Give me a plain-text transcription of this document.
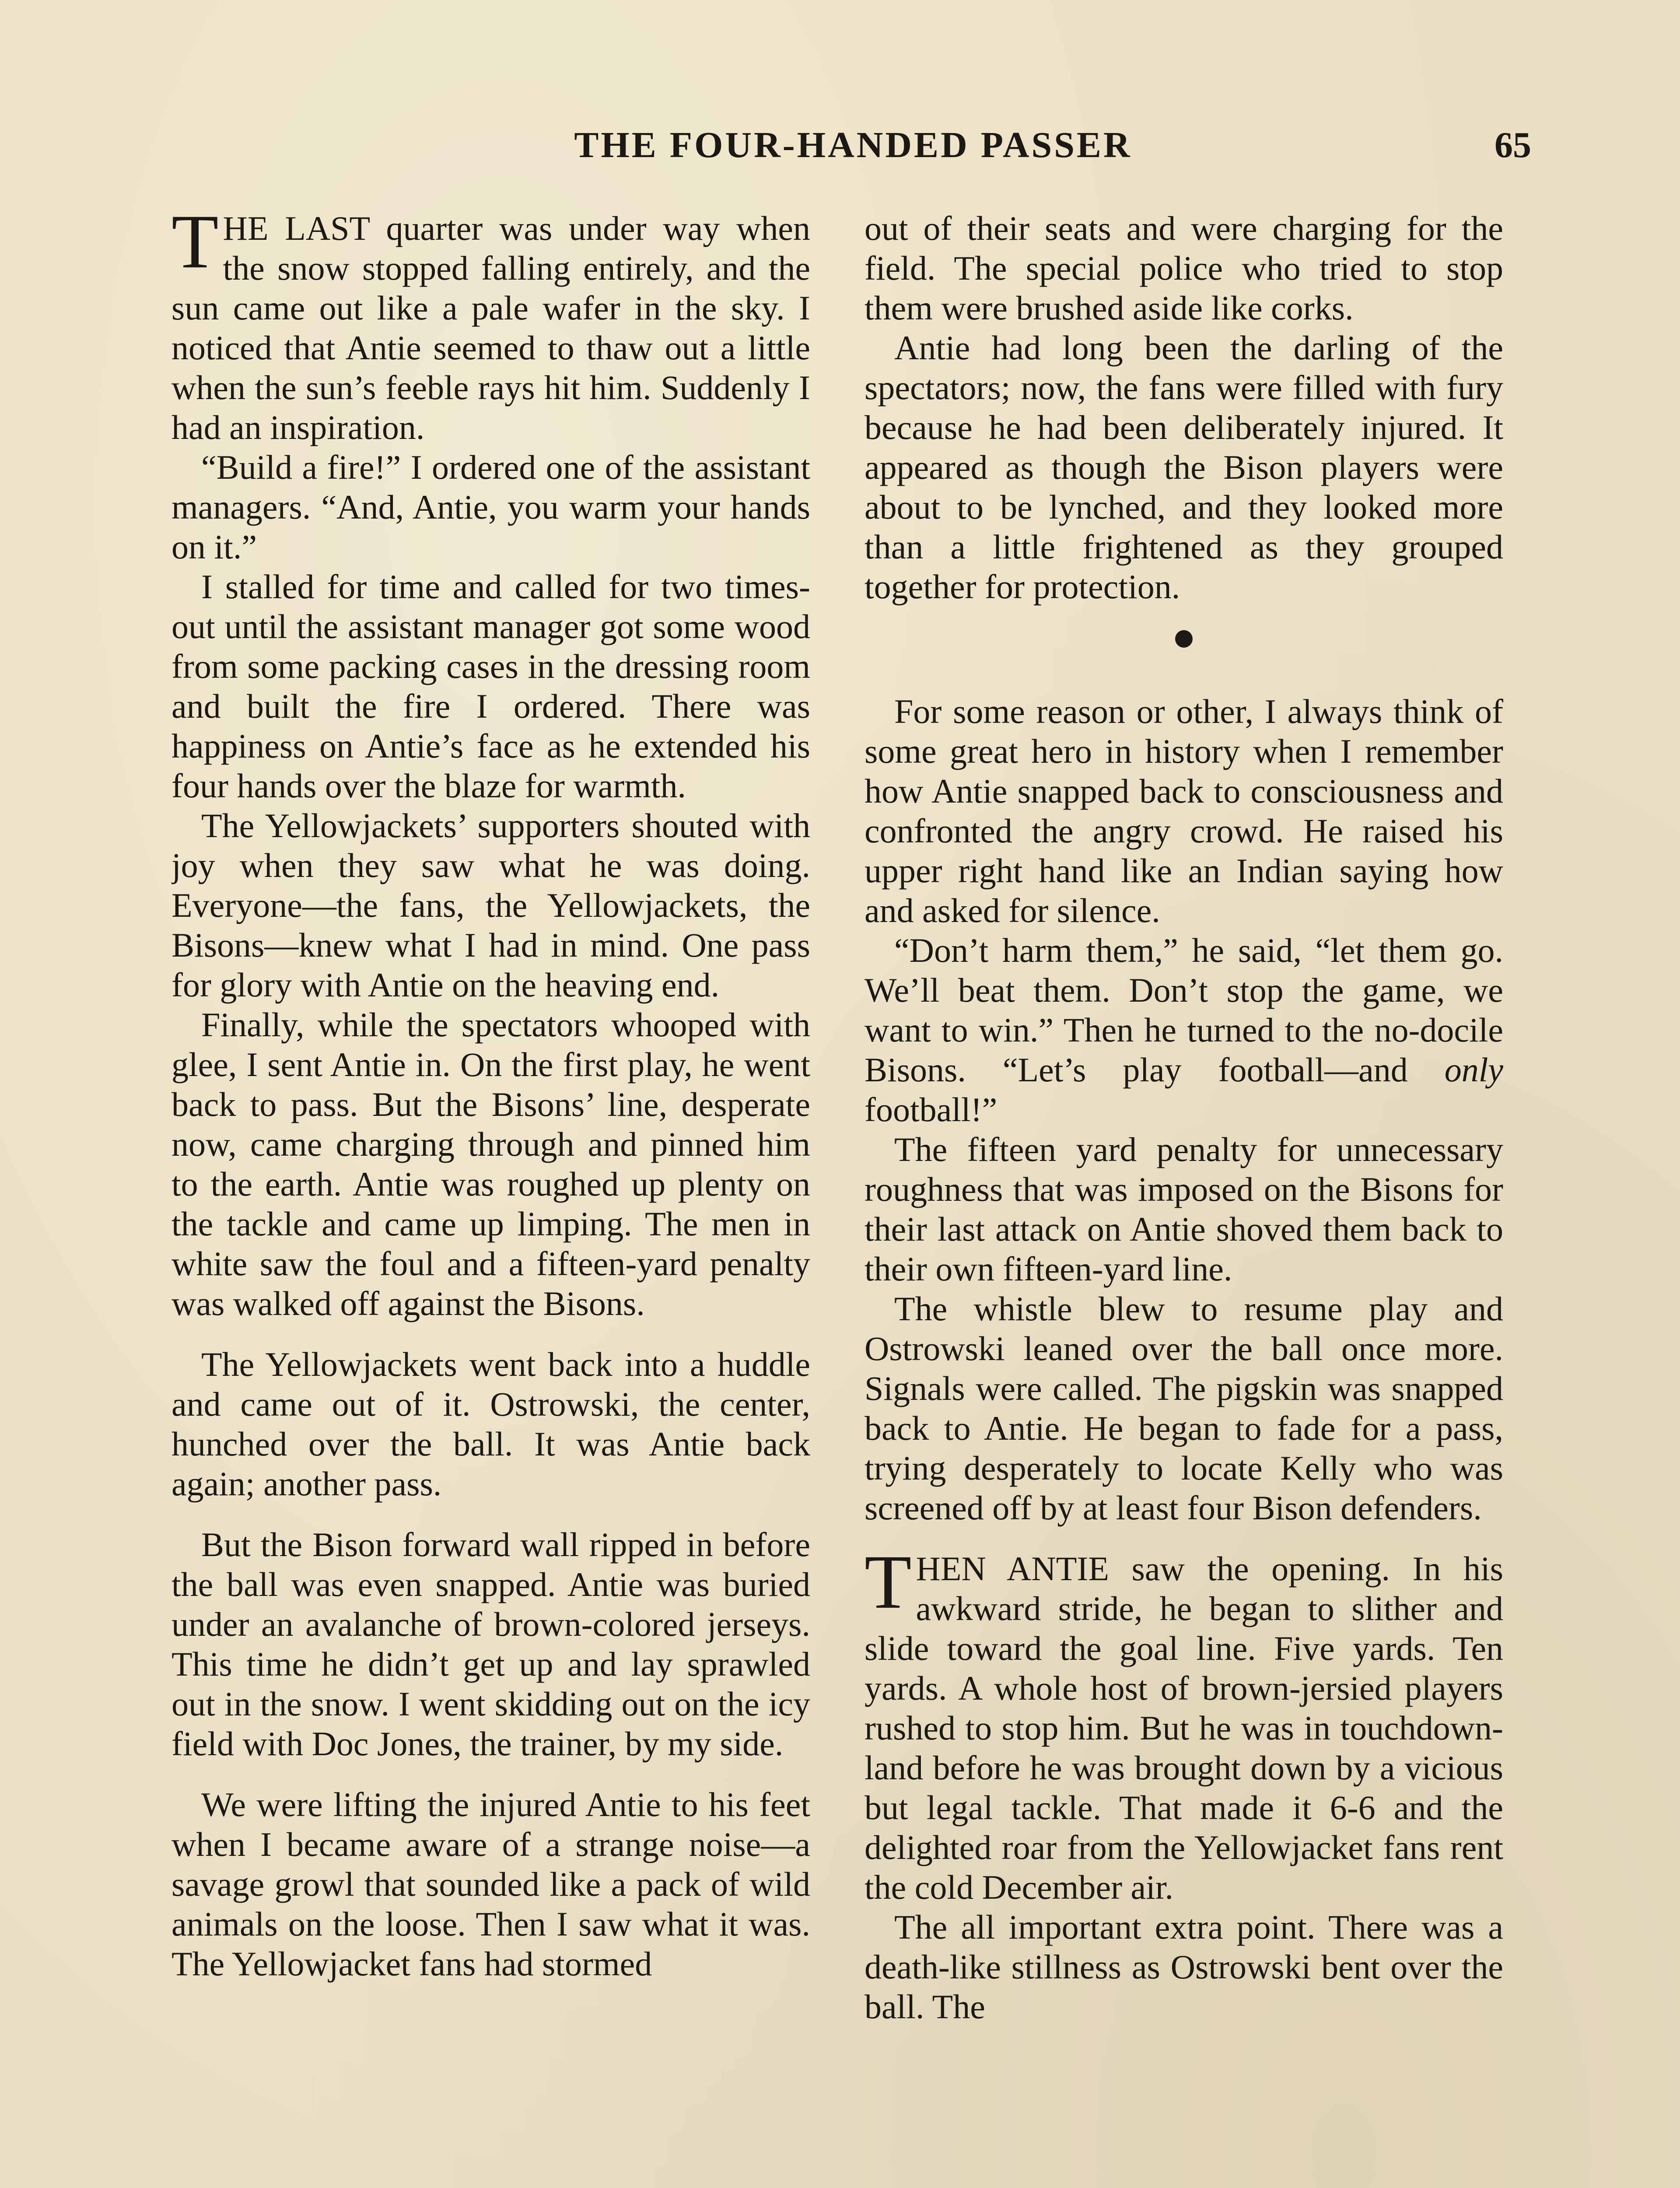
THE FOUR-HANDED PASSER	65

THE LAST quarter was under way when the snow stopped falling entirely, and the sun came out like a pale wafer in the sky. I noticed that Antie seemed to thaw out a little when the sun’s feeble rays hit him. Suddenly I had an inspiration.

“Build a fire!” I ordered one of the assistant managers. “And, Antie, you warm your hands on it.”

I stalled for time and called for two times-out until the assistant manager got some wood from some packing cases in the dressing room and built the fire I ordered. There was happiness on Antie’s face as he extended his four hands over the blaze for warmth.

The Yellowjackets’ supporters shouted with joy when they saw what he was doing. Everyone—the fans, the Yellowjackets, the Bisons—knew what I had in mind. One pass for glory with Antie on the heaving end.

Finally, while the spectators whooped with glee, I sent Antie in. On the first play, he went back to pass. But the Bisons’ line, desperate now, came charging through and pinned him to the earth. Antie was roughed up plenty on the tackle and came up limping. The men in white saw the foul and a fifteen-yard penalty was walked off against the Bisons.

The Yellowjackets went back into a huddle and came out of it. Ostrowski, the center, hunched over the ball. It was Antie back again; another pass.

But the Bison forward wall ripped in before the ball was even snapped. Antie was buried under an avalanche of brown-colored jerseys. This time he didn’t get up and lay sprawled out in the snow. I went skidding out on the icy field with Doc Jones, the trainer, by my side.

We were lifting the injured Antie to his feet when I became aware of a strange noise—a savage growl that sounded like a pack of wild animals on the loose. Then I saw what it was. The Yellowjacket fans had stormed

out of their seats and were charging for the field. The special police who tried to stop them were brushed aside like corks.

Antie had long been the darling of the spectators; now, the fans were filled with fury because he had been deliberately injured. It appeared as though the Bison players were about to be lynched, and they looked more than a little frightened as they grouped together for protection.

For some reason or other, I always think of some great hero in history when I remember how Antie snapped back to consciousness and confronted the angry crowd. He raised his upper right hand like an Indian saying how and asked for silence.

“Don’t harm them,” he said, “let them go. We’ll beat them. Don’t stop the game, we want to win.” Then he turned to the no-docile Bisons. “Let’s play football—and only football!”

The fifteen yard penalty for unnecessary roughness that was imposed on the Bisons for their last attack on Antie shoved them back to their own fifteen-yard line.

The whistle blew to resume play and Ostrowski leaned over the ball once more. Signals were called. The pigskin was snapped back to Antie. He began to fade for a pass, trying desperately to locate Kelly who was screened off by at least four Bison defenders.

THEN ANTIE saw the opening. In his awkward stride, he began to slither and slide toward the goal line. Five yards. Ten yards. A whole host of brown-jersied players rushed to stop him. But he was in touchdown-land before he was brought down by a vicious but legal tackle. That made it 6-6 and the delighted roar from the Yellowjacket fans rent the cold December air.

The all important extra point. There was a death-like stillness as Ostrowski bent over the ball. The
